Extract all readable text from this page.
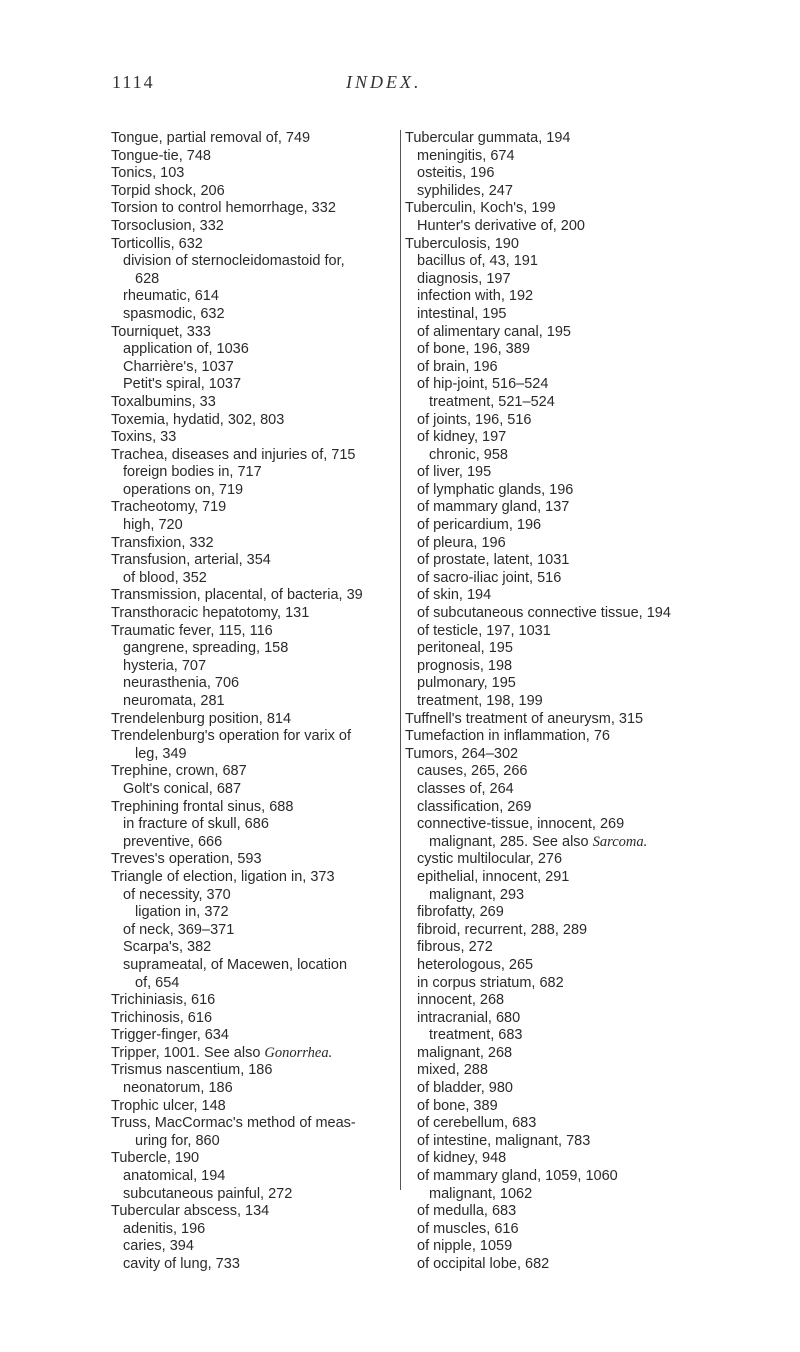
1114	INDEX.
Tongue, partial removal of, 749
Tongue-tie, 748
Tonics, 103
Torpid shock, 206
Torsion to control hemorrhage, 332
Torsoclusion, 332
Torticollis, 632
division of sternocleidomastoid for,
628
rheumatic, 614
spasmodic, 632
Tourniquet, 333
application of, 1036
Charrière's, 1037
Petit's spiral, 1037
Toxalbumins, 33
Toxemia, hydatid, 302, 803
Toxins, 33
Trachea, diseases and injuries of, 715
foreign bodies in, 717
operations on, 719
Tracheotomy, 719
high, 720
Transfixion, 332
Transfusion, arterial, 354
of blood, 352
Transmission, placental, of bacteria, 39
Transthoracic hepatotomy, 131
Traumatic fever, 115, 116
gangrene, spreading, 158
hysteria, 707
neurasthenia, 706
neuromata, 281
Trendelenburg position, 814
Trendelenburg's operation for varix of
leg, 349
Trephine, crown, 687
Golt's conical, 687
Trephining frontal sinus, 688
in fracture of skull, 686
preventive, 666
Treves's operation, 593
Triangle of election, ligation in, 373
of necessity, 370
ligation in, 372
of neck, 369–371
Scarpa's, 382
suprameatal, of Macewen, location
of, 654
Trichiniasis, 616
Trichinosis, 616
Trigger-finger, 634
Tripper, 1001. See also Gonorrhea.
Trismus nascentium, 186
neonatorum, 186
Trophic ulcer, 148
Truss, MacCormac's method of meas-
uring for, 860
Tubercle, 190
anatomical, 194
subcutaneous painful, 272
Tubercular abscess, 134
adenitis, 196
caries, 394
cavity of lung, 733
Tubercular gummata, 194
meningitis, 674
osteitis, 196
syphilides, 247
Tuberculin, Koch's, 199
Hunter's derivative of, 200
Tuberculosis, 190
bacillus of, 43, 191
diagnosis, 197
infection with, 192
intestinal, 195
of alimentary canal, 195
of bone, 196, 389
of brain, 196
of hip-joint, 516–524
treatment, 521–524
of joints, 196, 516
of kidney, 197
chronic, 958
of liver, 195
of lymphatic glands, 196
of mammary gland, 137
of pericardium, 196
of pleura, 196
of prostate, latent, 1031
of sacro-iliac joint, 516
of skin, 194
of subcutaneous connective tissue, 194
of testicle, 197, 1031
peritoneal, 195
prognosis, 198
pulmonary, 195
treatment, 198, 199
Tuffnell's treatment of aneurysm, 315
Tumefaction in inflammation, 76
Tumors, 264–302
causes, 265, 266
classes of, 264
classification, 269
connective-tissue, innocent, 269
malignant, 285. See also Sarcoma.
cystic multilocular, 276
epithelial, innocent, 291
malignant, 293
fibrofatty, 269
fibroid, recurrent, 288, 289
fibrous, 272
heterologous, 265
in corpus striatum, 682
innocent, 268
intracranial, 680
treatment, 683
malignant, 268
mixed, 288
of bladder, 980
of bone, 389
of cerebellum, 683
of intestine, malignant, 783
of kidney, 948
of mammary gland, 1059, 1060
malignant, 1062
of medulla, 683
of muscles, 616
of nipple, 1059
of occipital lobe, 682
